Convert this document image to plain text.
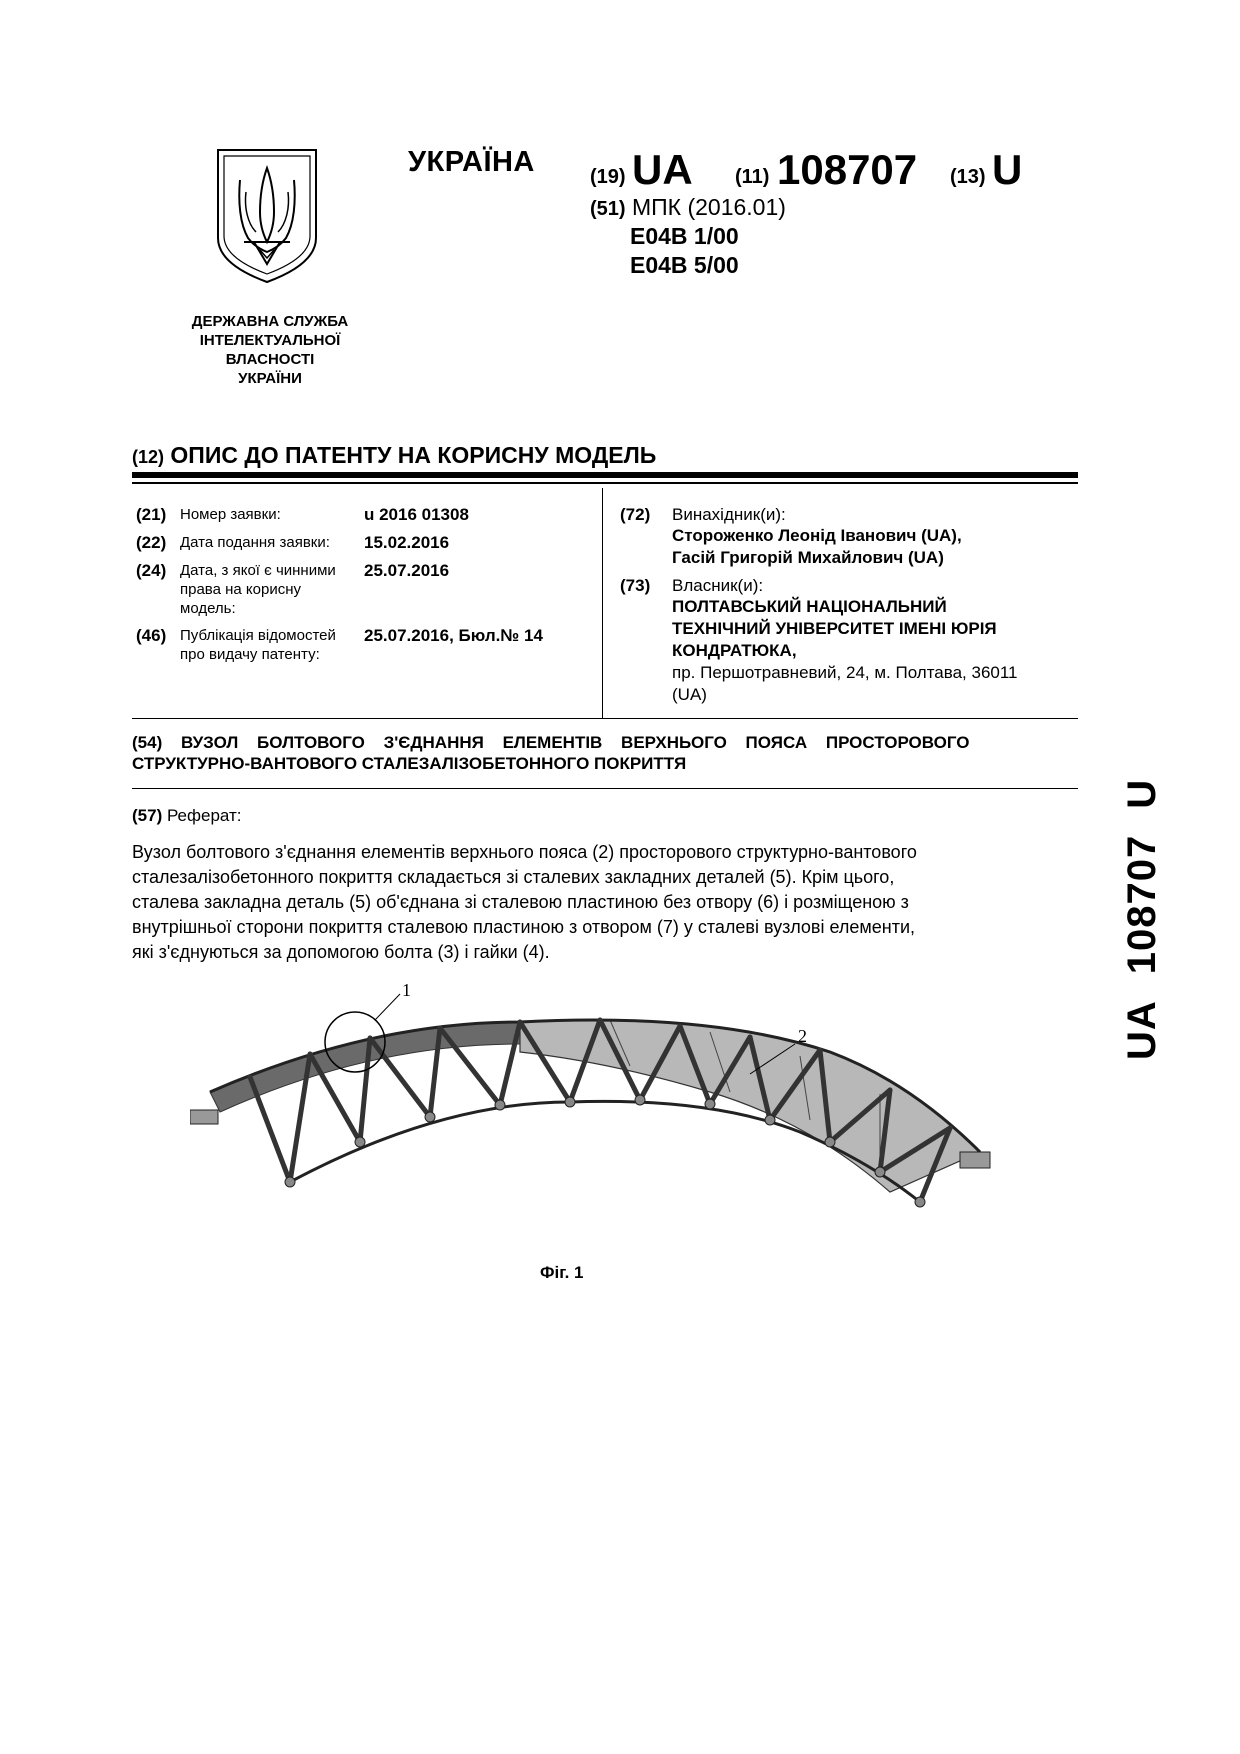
ДЕРЖАВНА СЛУЖБА
ІНТЕЛЕКТУАЛЬНОЇ
ВЛАСНОСТІ
УКРАЇНИ
УКРАЇНА	(19) UA (11) 108707 (13) U
(51) МПК (2016.01)
E04B 1/00
E04B 5/00
(12) ОПИС ДО ПАТЕНТУ НА КОРИСНУ МОДЕЛЬ
(21) Номер заявки:	u 2016 01308
(22) Дата подання заявки:	15.02.2016
(24) Дата, з якої є чинними права на корисну модель:
25.07.2016
(46) Публікація відомостей про видачу патенту:
25.07.2016, Бюл.№ 14
(72) Винахідник(и):
Стороженко Леонід Іванович (UA),
Гасій Григорій Михайлович (UA)
(73) Власник(и):
ПОЛТАВСЬКИЙ НАЦІОНАЛЬНИЙ
ТЕХНІЧНИЙ УНІВЕРСИТЕТ ІМЕНІ ЮРІЯ
КОНДРАТЮКА,
пр. Першотравневий, 24, м. Полтава, 36011
(UA)
(54) ВУЗОЛ БОЛТОВОГО З'ЄДНАННЯ ЕЛЕМЕНТІВ ВЕРХНЬОГО ПОЯСА ПРОСТОРОВОГО
СТРУКТУРНО-ВАНТОВОГО СТАЛЕЗАЛІЗОБЕТОННОГО ПОКРИТТЯ
(57) Реферат:
Вузол болтового з'єднання елементів верхнього пояса (2) просторового структурно-вантового
сталезалізобетонного покриття складається зі сталевих закладних деталей (5). Крім цього,
сталева закладна деталь (5) об'єднана зі сталевою пластиною без отвору (6) і розміщеною з
внутрішньої сторони покриття сталевою пластиною з отвором (7) у сталеві вузлові елементи,
які з'єднуються за допомогою болта (3) і гайки (4).
1
2
Фіг. 1
UA108707U
